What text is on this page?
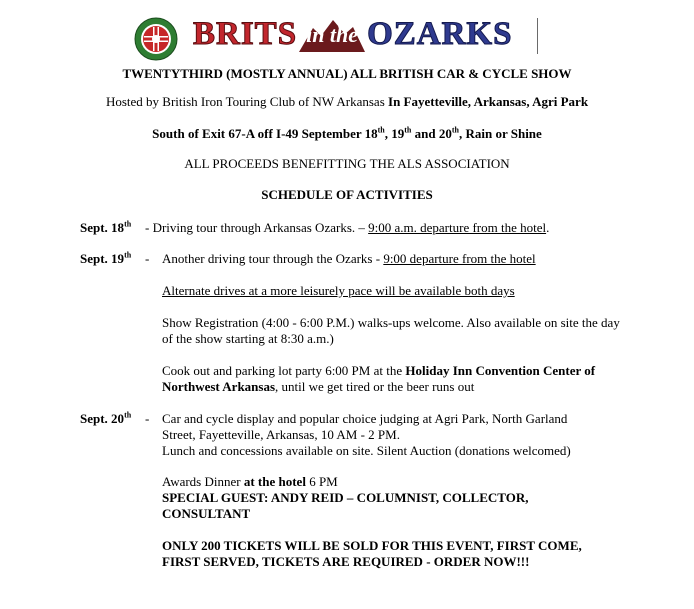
BRITS in the OZARKS
TWENTYTHIRD (MOSTLY ANNUAL) ALL BRITISH CAR & CYCLE SHOW
Hosted by British Iron Touring Club of NW Arkansas In Fayetteville, Arkansas, Agri Park
South of Exit 67-A off I-49 September 18th, 19th and 20th, Rain or Shine
ALL PROCEEDS BENEFITTING THE ALS ASSOCIATION
SCHEDULE OF ACTIVITIES
Sept. 18th - Driving tour through Arkansas Ozarks. – 9:00 a.m. departure from the hotel.
Sept. 19th - Another driving tour through the Ozarks - 9:00 departure from the hotel
Alternate drives at a more leisurely pace will be available both days
Show Registration (4:00 - 6:00 P.M.) walks-ups welcome. Also available on site the day of the show starting at 8:30 a.m.)
Cook out and parking lot party 6:00 PM at the Holiday Inn Convention Center of Northwest Arkansas, until we get tired or the beer runs out
Sept. 20th - Car and cycle display and popular choice judging at Agri Park, North Garland Street, Fayetteville, Arkansas, 10 AM - 2 PM.
Lunch and concessions available on site. Silent Auction (donations welcomed)
Awards Dinner at the hotel 6 PM
SPECIAL GUEST: ANDY REID – COLUMNIST, COLLECTOR, CONSULTANT
ONLY 200 TICKETS WILL BE SOLD FOR THIS EVENT, FIRST COME, FIRST SERVED, TICKETS ARE REQUIRED - ORDER NOW!!!
